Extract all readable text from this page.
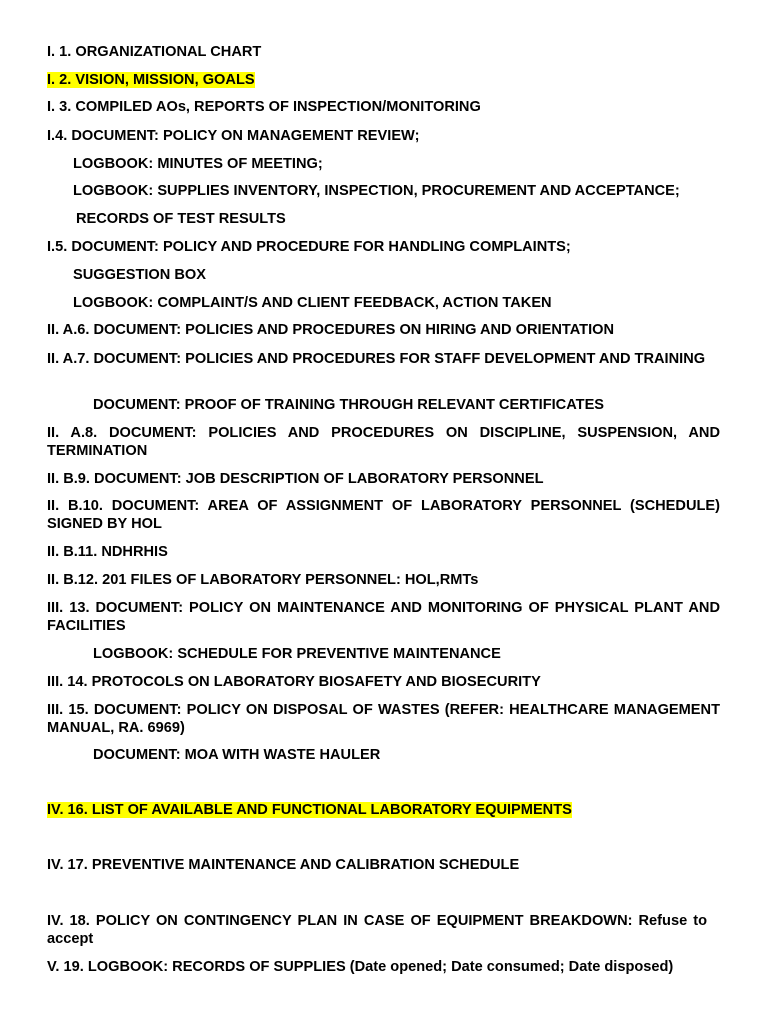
I. 1. ORGANIZATIONAL CHART
I. 2. VISION, MISSION, GOALS
I. 3. COMPILED AOs, REPORTS OF INSPECTION/MONITORING
I.4. DOCUMENT: POLICY ON MANAGEMENT REVIEW;
LOGBOOK: MINUTES OF MEETING;
LOGBOOK: SUPPLIES INVENTORY, INSPECTION, PROCUREMENT AND ACCEPTANCE;
RECORDS OF TEST RESULTS
I.5. DOCUMENT: POLICY AND PROCEDURE FOR HANDLING COMPLAINTS;
SUGGESTION BOX
LOGBOOK: COMPLAINT/S AND CLIENT FEEDBACK, ACTION TAKEN
II. A.6. DOCUMENT: POLICIES AND PROCEDURES ON HIRING AND ORIENTATION
II. A.7. DOCUMENT: POLICIES AND PROCEDURES FOR STAFF DEVELOPMENT AND TRAINING
DOCUMENT: PROOF OF TRAINING THROUGH RELEVANT CERTIFICATES
II. A.8. DOCUMENT: POLICIES AND PROCEDURES ON DISCIPLINE, SUSPENSION, AND TERMINATION
II. B.9. DOCUMENT: JOB DESCRIPTION OF LABORATORY PERSONNEL
II. B.10. DOCUMENT: AREA OF ASSIGNMENT OF LABORATORY PERSONNEL (SCHEDULE) SIGNED BY HOL
II. B.11. NDHRHIS
II. B.12. 201 FILES OF LABORATORY PERSONNEL: HOL,RMTs
III. 13. DOCUMENT: POLICY ON MAINTENANCE AND MONITORING OF PHYSICAL PLANT AND FACILITIES
LOGBOOK: SCHEDULE FOR PREVENTIVE MAINTENANCE
III. 14. PROTOCOLS ON LABORATORY BIOSAFETY AND BIOSECURITY
III. 15. DOCUMENT: POLICY ON DISPOSAL OF WASTES (REFER: HEALTHCARE MANAGEMENT MANUAL, RA. 6969)
DOCUMENT: MOA WITH WASTE HAULER
IV. 16. LIST OF AVAILABLE AND FUNCTIONAL LABORATORY EQUIPMENTS
IV. 17. PREVENTIVE MAINTENANCE AND CALIBRATION SCHEDULE
IV. 18. POLICY ON CONTINGENCY PLAN IN CASE OF EQUIPMENT BREAKDOWN: Refuse to accept
V. 19. LOGBOOK: RECORDS OF SUPPLIES (Date opened; Date consumed; Date disposed)
